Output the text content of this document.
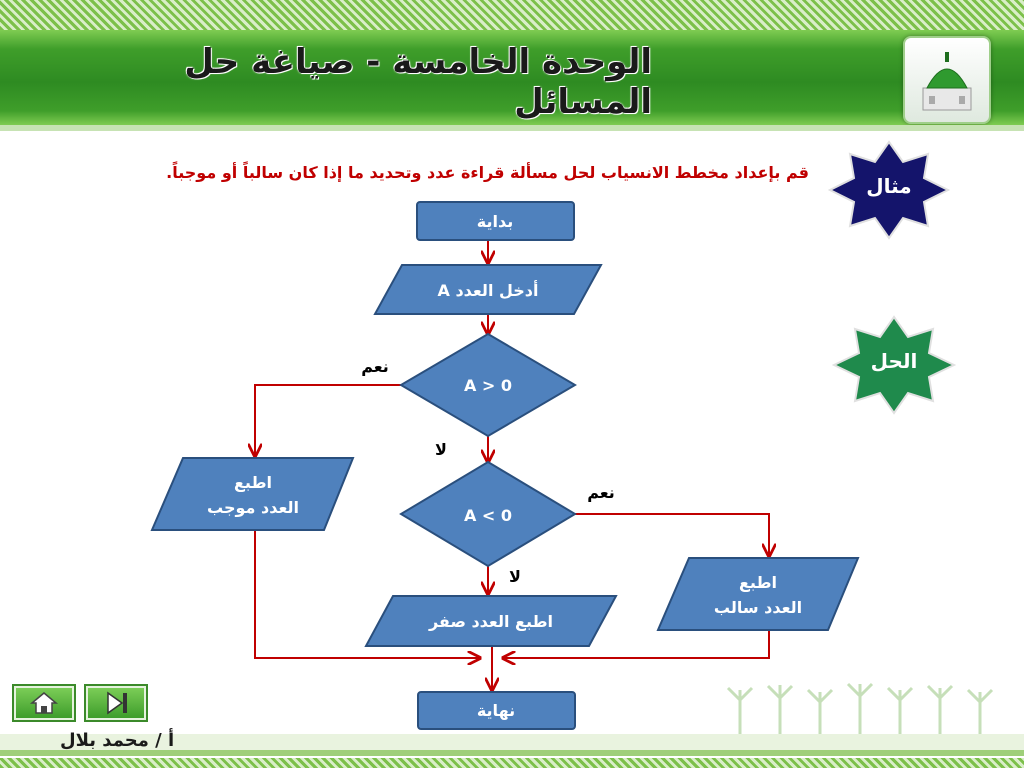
الوحدة الخامسة - صياغة حل المسائل
قم بإعداد مخطط الانسياب لحل مسألة قراءة عدد وتحديد ما إذا كان سالباً أو موجباً.
مثال
الحل
بداية
أدخل العدد A
A > 0
نعم
لا
A < 0
نعم
لا
اطبع
العدد موجب
اطبع
العدد سالب
اطبع العدد صفر
نهاية
أ / محمد بلال
